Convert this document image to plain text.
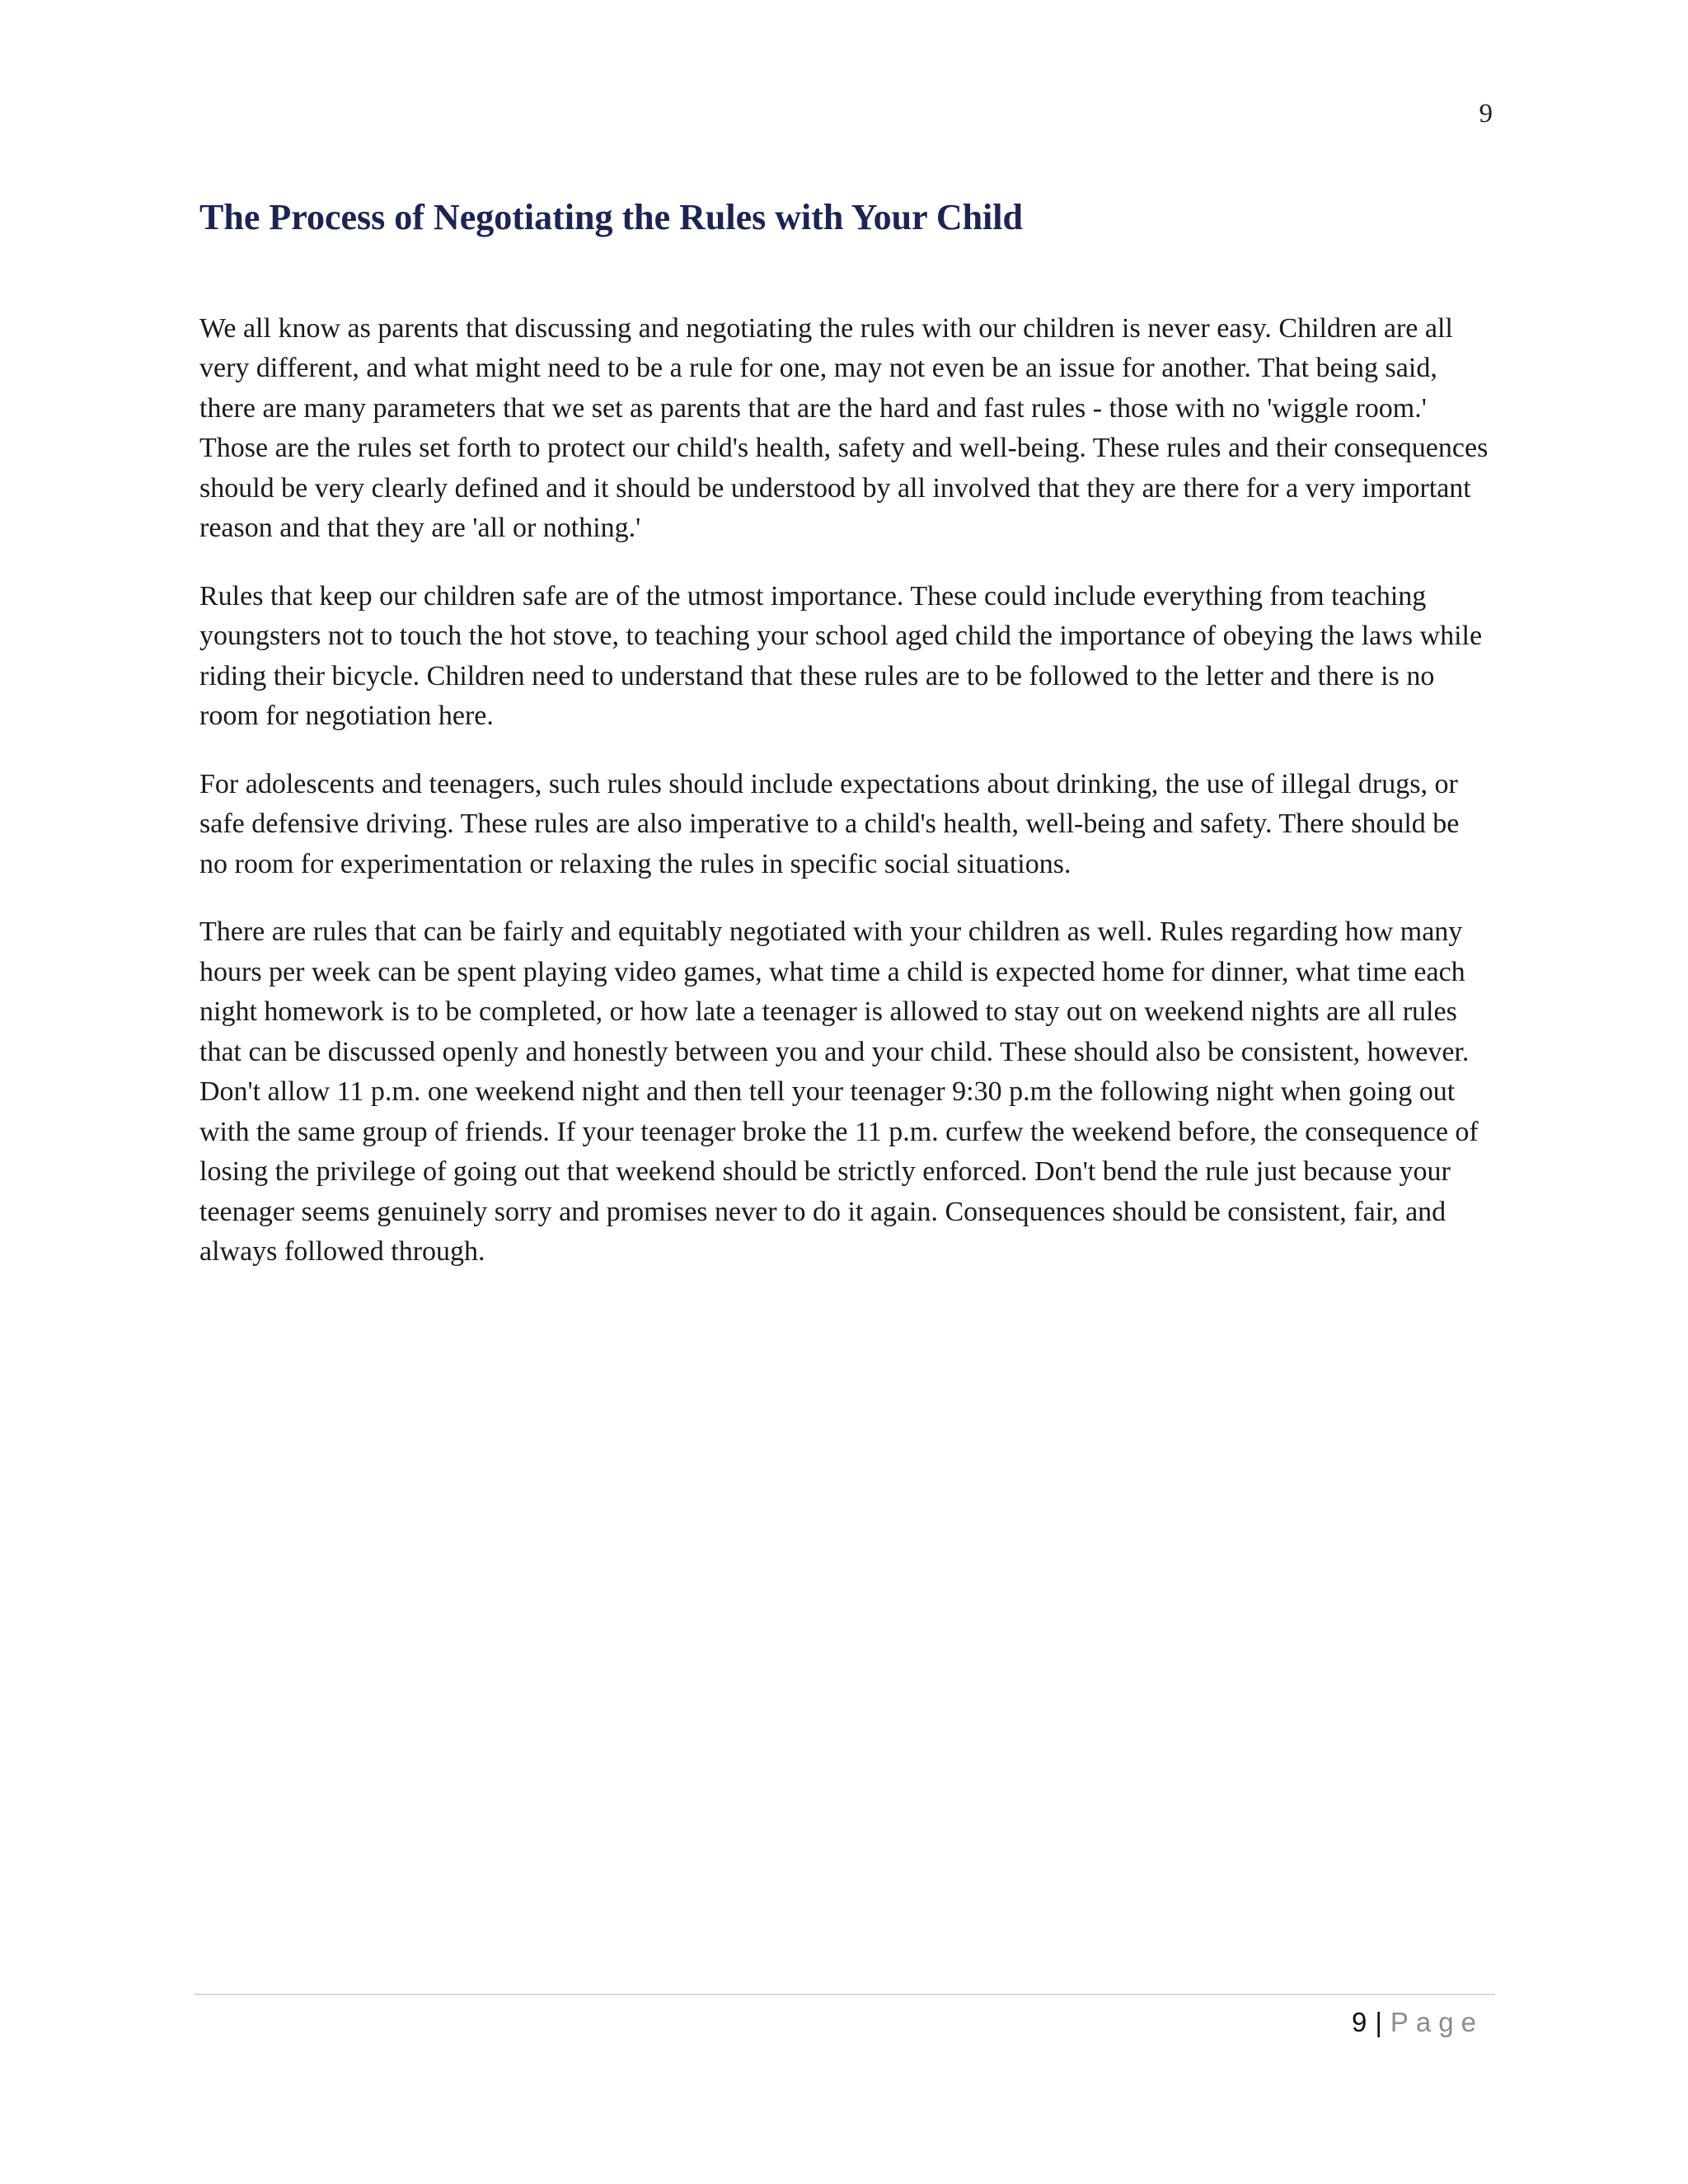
9
The Process of Negotiating the Rules with Your Child

We all know as parents that discussing and negotiating the rules with our children is never easy. Children are all very different, and what might need to be a rule for one, may not even be an issue for another. That being said, there are many parameters that we set as parents that are the hard and fast rules - those with no 'wiggle room.' Those are the rules set forth to protect our child's health, safety and well-being. These rules and their consequences should be very clearly defined and it should be understood by all involved that they are there for a very important reason and that they are 'all or nothing.'

Rules that keep our children safe are of the utmost importance. These could include everything from teaching youngsters not to touch the hot stove, to teaching your school aged child the importance of obeying the laws while riding their bicycle. Children need to understand that these rules are to be followed to the letter and there is no room for negotiation here.

For adolescents and teenagers, such rules should include expectations about drinking, the use of illegal drugs, or safe defensive driving. These rules are also imperative to a child's health, well-being and safety. There should be no room for experimentation or relaxing the rules in specific social situations.

There are rules that can be fairly and equitably negotiated with your children as well. Rules regarding how many hours per week can be spent playing video games, what time a child is expected home for dinner, what time each night homework is to be completed, or how late a teenager is allowed to stay out on weekend nights are all rules that can be discussed openly and honestly between you and your child. These should also be consistent, however. Don't allow 11 p.m. one weekend night and then tell your teenager 9:30 p.m the following night when going out with the same group of friends. If your teenager broke the 11 p.m. curfew the weekend before, the consequence of losing the privilege of going out that weekend should be strictly enforced. Don't bend the rule just because your teenager seems genuinely sorry and promises never to do it again. Consequences should be consistent, fair, and always followed through.

9 | Page
